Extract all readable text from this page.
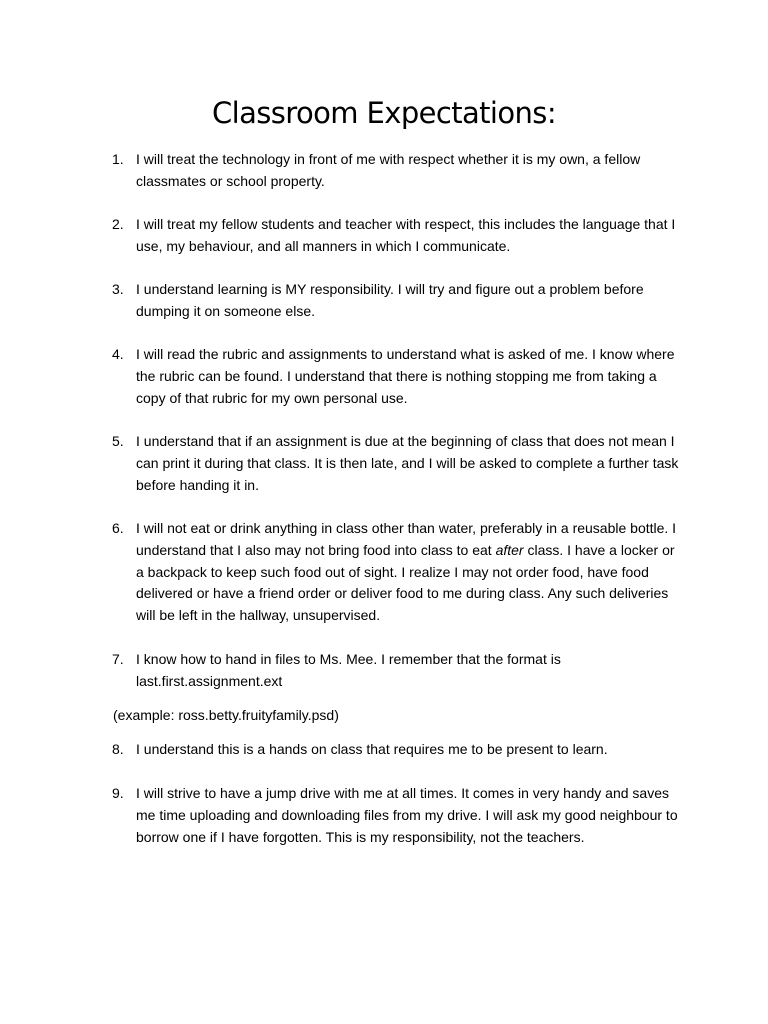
Classroom Expectations:
1. I will treat the technology in front of me with respect whether it is my own, a fellow classmates or school property.
2. I will treat my fellow students and teacher with respect, this includes the language that I use, my behaviour, and all manners in which I communicate.
3. I understand learning is MY responsibility. I will try and figure out a problem before dumping it on someone else.
4. I will read the rubric and assignments to understand what is asked of me. I know where the rubric can be found. I understand that there is nothing stopping me from taking a copy of that rubric for my own personal use.
5. I understand that if an assignment is due at the beginning of class that does not mean I can print it during that class. It is then late, and I will be asked to complete a further task before handing it in.
6. I will not eat or drink anything in class other than water, preferably in a reusable bottle. I understand that I also may not bring food into class to eat after class. I have a locker or a backpack to keep such food out of sight. I realize I may not order food, have food delivered or have a friend order or deliver food to me during class. Any such deliveries will be left in the hallway, unsupervised.
7. I know how to hand in files to Ms. Mee. I remember that the format is last.first.assignment.ext
(example: ross.betty.fruityfamily.psd)
8. I understand this is a hands on class that requires me to be present to learn.
9. I will strive to have a jump drive with me at all times. It comes in very handy and saves me time uploading and downloading files from my drive. I will ask my good neighbour to borrow one if I have forgotten. This is my responsibility, not the teachers.
